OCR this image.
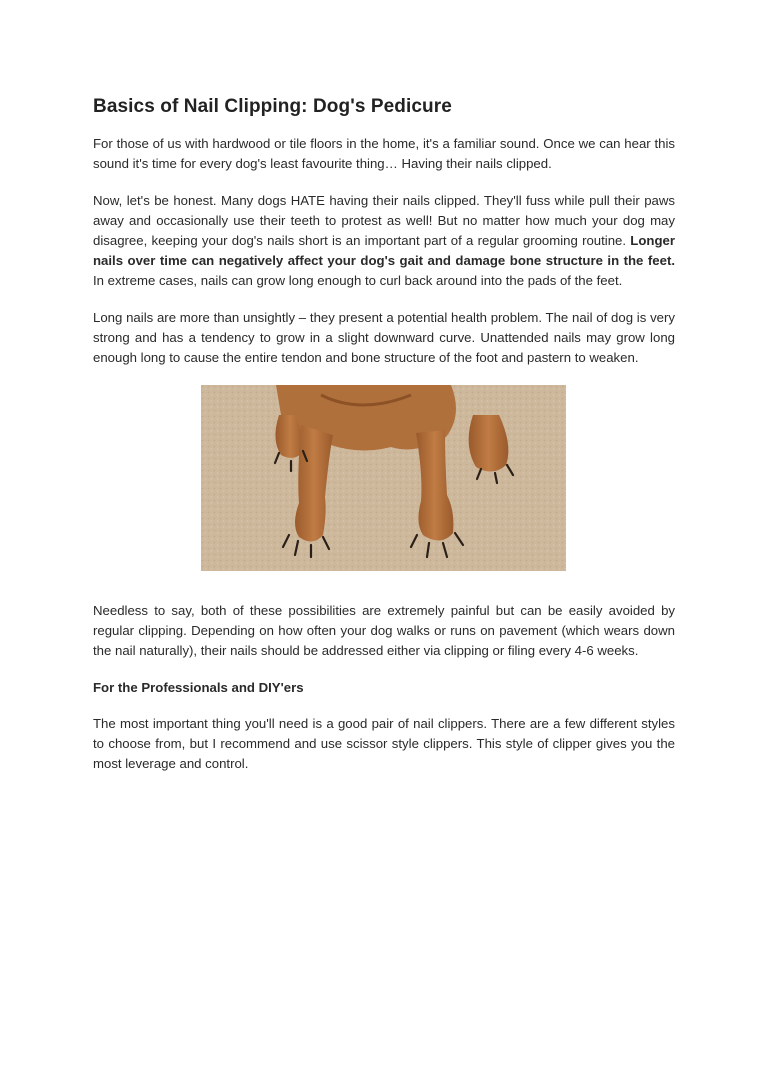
Basics of Nail Clipping: Dog's Pedicure

For those of us with hardwood or tile floors in the home, it's a familiar sound. Once we can hear this sound it's time for every dog's least favourite thing… Having their nails clipped.

Now, let's be honest. Many dogs HATE having their nails clipped. They'll fuss while pull their paws away and occasionally use their teeth to protest as well! But no matter how much your dog may disagree, keeping your dog's nails short is an important part of a regular grooming routine. Longer nails over time can negatively affect your dog's gait and damage bone structure in the feet. In extreme cases, nails can grow long enough to curl back around into the pads of the feet.

Long nails are more than unsightly – they present a potential health problem. The nail of dog is very strong and has a tendency to grow in a slight downward curve. Unattended nails may grow long enough long to cause the entire tendon and bone structure of the foot and pastern to weaken.

Needless to say, both of these possibilities are extremely painful but can be easily avoided by regular clipping. Depending on how often your dog walks or runs on pavement (which wears down the nail naturally), their nails should be addressed either via clipping or filing every 4-6 weeks.

For the Professionals and DIY'ers

The most important thing you'll need is a good pair of nail clippers. There are a few different styles to choose from, but I recommend and use scissor style clippers. This style of clipper gives you the most leverage and control.
